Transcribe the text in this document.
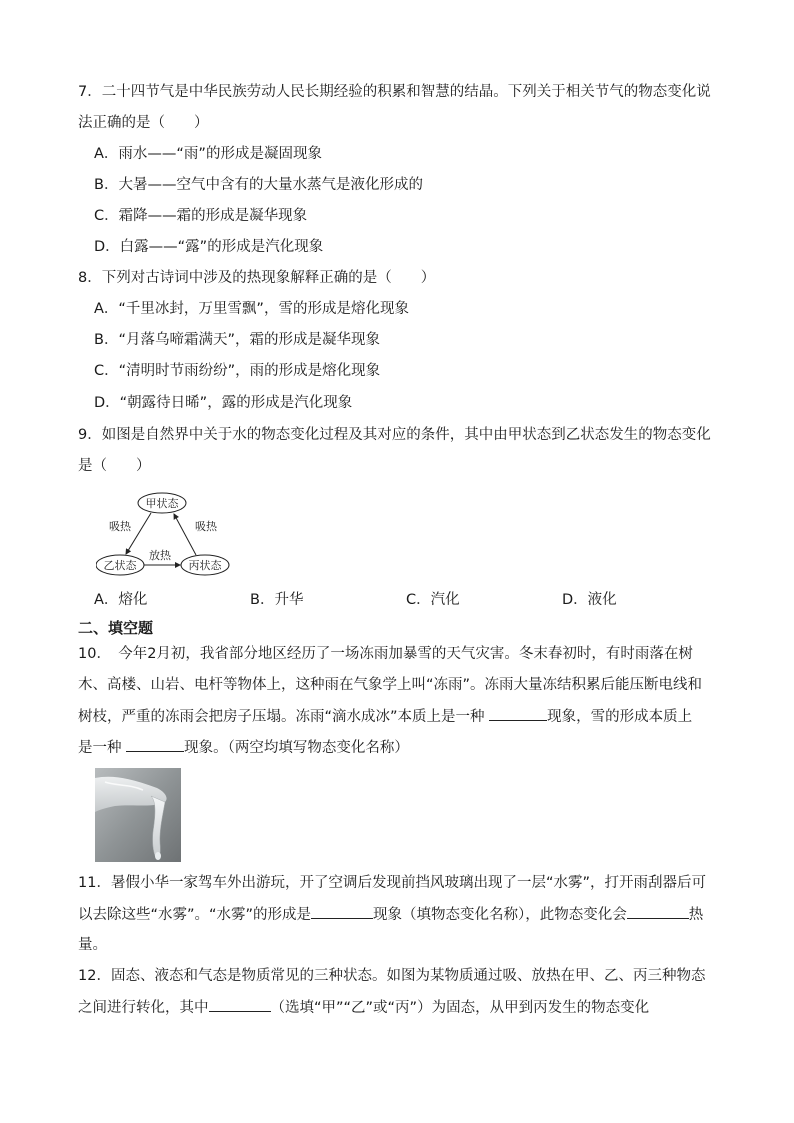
7．二十四节气是中华民族劳动人民长期经验的积累和智慧的结晶。下列关于相关节气的物态变化说
法正确的是（　　）
A．雨水——“雨”的形成是凝固现象
B．大暑——空气中含有的大量水蒸气是液化形成的
C．霜降——霜的形成是凝华现象
D．白露——“露”的形成是汽化现象
8．下列对古诗词中涉及的热现象解释正确的是（　　）
A．“千里冰封，万里雪飘”，雪的形成是熔化现象
B．“月落乌啼霜满天”，霜的形成是凝华现象
C．“清明时节雨纷纷”，雨的形成是熔化现象
D．“朝露待日晞”，露的形成是汽化现象
9．如图是自然界中关于水的物态变化过程及其对应的条件，其中由甲状态到乙状态发生的物态变化
是（　　）
甲状态
乙状态	丙状态
吸热	吸热
放热
A．熔化	B．升华	C．汽化	D．液化
二、填空题
10．　今年2月初，我省部分地区经历了一场冻雨加暴雪的天气灾害。冬末春初时，有时雨落在树
木、高楼、山岩、电杆等物体上，这种雨在气象学上叫“冻雨”。冻雨大量冻结积累后能压断电线和
树枝，严重的冻雨会把房子压塌。冻雨“滴水成冰”本质上是一种	现象，雪的形成本质上
是一种	现象。（两空均填写物态变化名称）
11．暑假小华一家驾车外出游玩，开了空调后发现前挡风玻璃出现了一层“水雾”，打开雨刮器后可
以去除这些“水雾”。“水雾”的形成是	现象（填物态变化名称），此物态变化会	热
量。
12．固态、液态和气态是物质常见的三种状态。如图为某物质通过吸、放热在甲、乙、丙三种物态
之间进行转化，其中	（选填“甲”“乙”或“丙”）为固态，从甲到丙发生的物态变化
